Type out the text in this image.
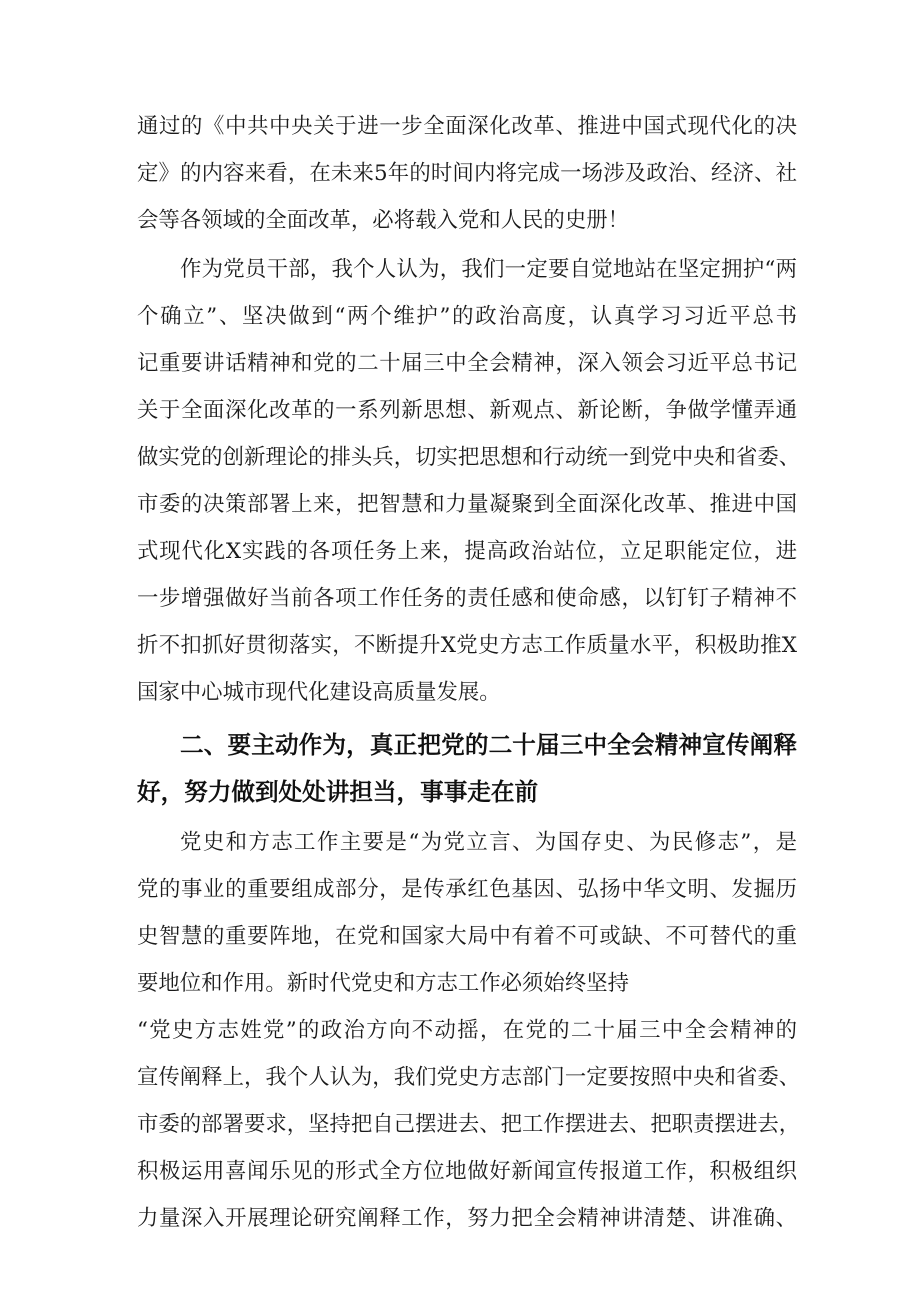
通过的《中共中央关于进一步全面深化改革、推进中国式现代化的决

定》的内容来看，在未来5年的时间内将完成一场涉及政治、经济、社

会等各领域的全面改革，必将载入党和人民的史册！

作为党员干部，我个人认为，我们一定要自觉地站在坚定拥护“两

个确立”、坚决做到“两个维护”的政治高度，认真学习习近平总书

记重要讲话精神和党的二十届三中全会精神，深入领会习近平总书记

关于全面深化改革的一系列新思想、新观点、新论断，争做学懂弄通

做实党的创新理论的排头兵，切实把思想和行动统一到党中央和省委、

市委的决策部署上来，把智慧和力量凝聚到全面深化改革、推进中国

式现代化X实践的各项任务上来，提高政治站位，立足职能定位，进

一步增强做好当前各项工作任务的责任感和使命感，以钉钉子精神不

折不扣抓好贯彻落实，不断提升X党史方志工作质量水平，积极助推X

国家中心城市现代化建设高质量发展。

二、要主动作为，真正把党的二十届三中全会精神宣传阐释
好，努力做到处处讲担当，事事走在前

党史和方志工作主要是“为党立言、为国存史、为民修志”，是

党的事业的重要组成部分，是传承红色基因、弘扬中华文明、发掘历

史智慧的重要阵地，在党和国家大局中有着不可或缺、不可替代的重

要地位和作用。新时代党史和方志工作必须始终坚持

“党史方志姓党”的政治方向不动摇，在党的二十届三中全会精神的

宣传阐释上，我个人认为，我们党史方志部门一定要按照中央和省委、

市委的部署要求，坚持把自己摆进去、把工作摆进去、把职责摆进去，

积极运用喜闻乐见的形式全方位地做好新闻宣传报道工作，积极组织

力量深入开展理论研究阐释工作，努力把全会精神讲清楚、讲准确、
